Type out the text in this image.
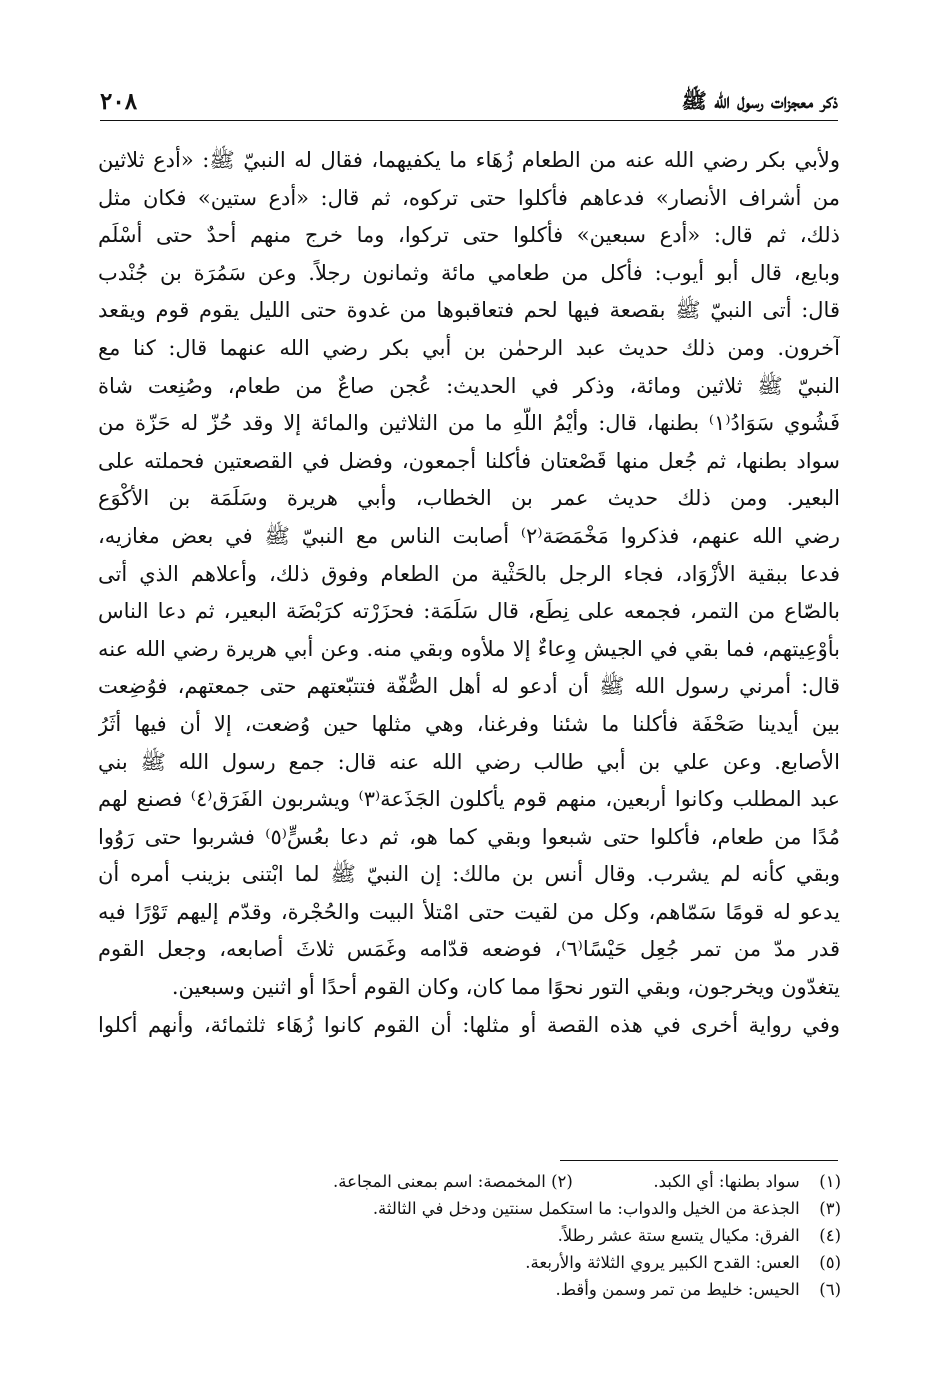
ذكر معجزات رسول الله ﷺ
٢٠٨
ولأبي بكر رضي الله عنه من الطعام زُهَاء ما يكفيهما، فقال له النبيّ ﷺ: «أدع ثلاثين
من أشراف الأنصار» فدعاهم فأكلوا حتى تركوه، ثم قال: «أدع ستين» فكان مثل
ذلك، ثم قال: «أدع سبعين» فأكلوا حتى تركوا، وما خرج منهم أحدٌ حتى أسْلَم
وبايع، قال أبو أيوب: فأكل من طعامي مائة وثمانون رجلاً. وعن سَمُرَة بن جُنْدب
قال: أتى النبيّ ﷺ بقصعة فيها لحم فتعاقبوها من غدوة حتى الليل يقوم قوم ويقعد
آخرون. ومن ذلك حديث عبد الرحمٰن بن أبي بكر رضي الله عنهما قال: كنا مع
النبيّ ﷺ ثلاثين ومائة، وذكر في الحديث: عُجن صاعٌ من طعام، وصُنِعت شاة
فَشُوي سَوَادُ⁽١⁾ بطنها، قال: وأيْمُ اللّهِ ما من الثلاثين والمائة إلا وقد حُزّ له حَزّة من
سواد بطنها، ثم جُعل منها قَصْعتان فأكلنا أجمعون، وفضل في القصعتين فحملته على
البعير. ومن ذلك حديث عمر بن الخطاب، وأبي هريرة وسَلَمَة بن الأكْوَع
رضي الله عنهم، فذكروا مَخْمَصَة⁽٢⁾ أصابت الناس مع النبيّ ﷺ في بعض مغازيه،
فدعا ببقية الأزْوَاد، فجاء الرجل بالحَثْية من الطعام وفوق ذلك، وأعلاهم الذي أتى
بالصّاع من التمر، فجمعه على نِطَع، قال سَلَمَة: فحزَرْته كرَبْضَة البعير، ثم دعا الناس
بأوْعِيتهم، فما بقي في الجيش وِعاءٌ إلا ملأوه وبقي منه. وعن أبي هريرة رضي الله عنه
قال: أمرني رسول الله ﷺ أن أدعو له أهل الصُّفّة فتتبّعتهم حتى جمعتهم، فوُضِعت
بين أيدينا صَحْفَة فأكلنا ما شئنا وفرغنا، وهي مثلها حين وُضعت، إلا أن فيها أثَرُ
الأصابع. وعن علي بن أبي طالب رضي الله عنه قال: جمع رسول الله ﷺ بني
عبد المطلب وكانوا أربعين، منهم قوم يأكلون الجَذَعة⁽٣⁾ ويشربون الفَرَق⁽٤⁾ فصنع لهم
مُدًا من طعام، فأكلوا حتى شبعوا وبقي كما هو، ثم دعا بعُسٍّ⁽٥⁾ فشربوا حتى رَوُوا
وبقي كأنه لم يشرب. وقال أنس بن مالك: إن النبيّ ﷺ لما ابْتنى بزينب أمره أن
يدعو له قومًا سَمّاهم، وكل من لقيت حتى امْتلأ البيت والحُجْرة، وقدّم إليهم تَوْرًا فيه
قدر مدّ من تمر جُعِل حَيْسًا⁽٦⁾، فوضعه قدّامه وغَمَس ثلاثَ أصابعه، وجعل القوم
يتغدّون ويخرجون، وبقي التور نحوًا مما كان، وكان القوم أحدًا أو اثنين وسبعين.
وفي رواية أخرى في هذه القصة أو مثلها: أن القوم كانوا زُهَاء ثلثمائة، وأنهم أكلوا
(١) سواد بطنها: أي الكبد.  (٢) المخمصة: اسم بمعنى المجاعة.
(٣) الجذعة من الخيل والدواب: ما استكمل سنتين ودخل في الثالثة.
(٤) الفرق: مكيال يتسع ستة عشر رطلاً.
(٥) العس: القدح الكبير يروي الثلاثة والأربعة.
(٦) الحيس: خليط من تمر وسمن وأقط.
